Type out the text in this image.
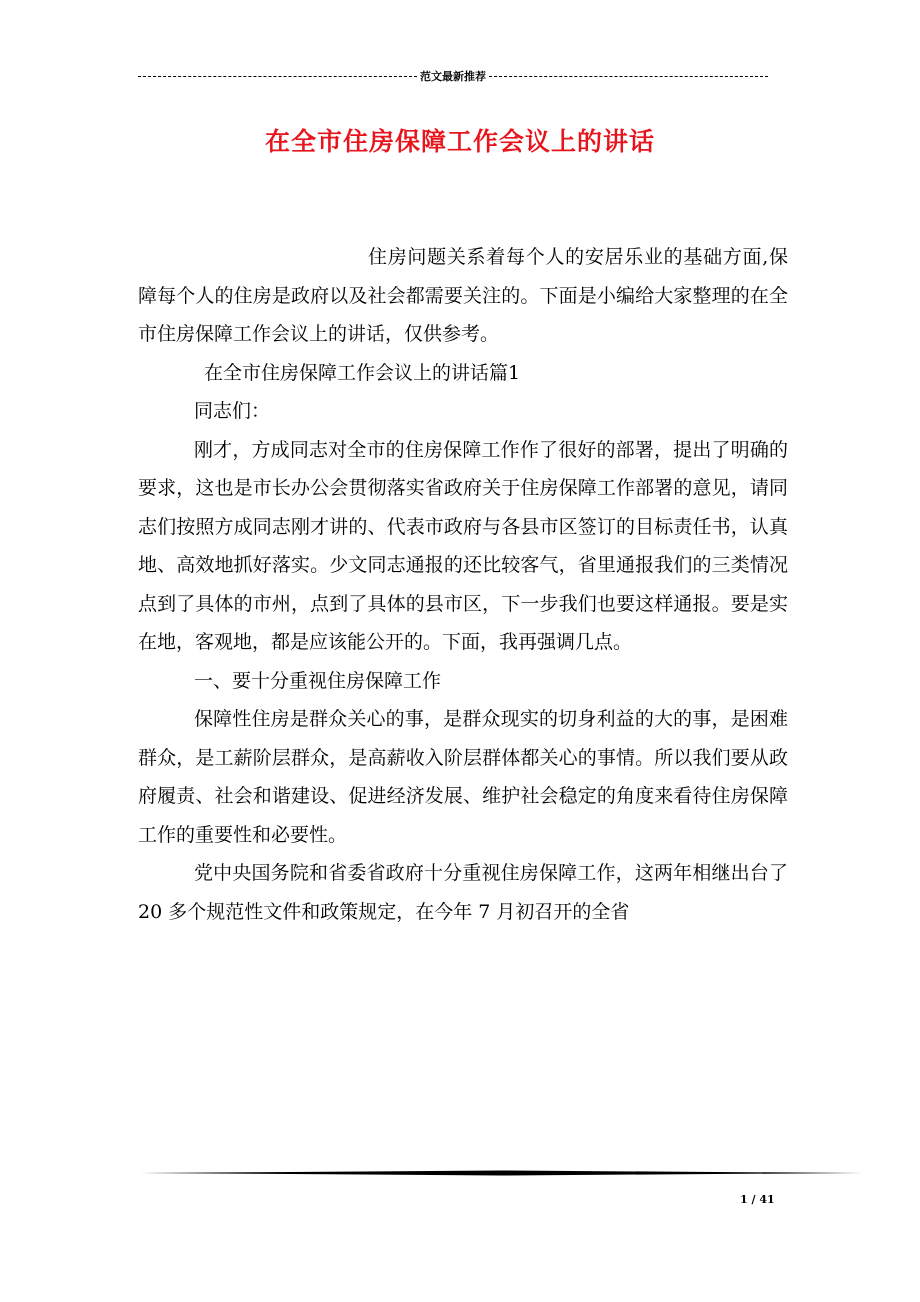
范文最新推荐
在全市住房保障工作会议上的讲话

住房问题关系着每个人的安居乐业的基础方面,保障每个人的住房是政府以及社会都需要关注的。下面是小编给大家整理的在全市住房保障工作会议上的讲话，仅供参考。

在全市住房保障工作会议上的讲话篇1

同志们：

刚才，方成同志对全市的住房保障工作作了很好的部署，提出了明确的要求，这也是市长办公会贯彻落实省政府关于住房保障工作部署的意见，请同志们按照方成同志刚才讲的、代表市政府与各县市区签订的目标责任书，认真地、高效地抓好落实。少文同志通报的还比较客气，省里通报我们的三类情况点到了具体的市州，点到了具体的县市区，下一步我们也要这样通报。要是实在地，客观地，都是应该能公开的。下面，我再强调几点。

一、要十分重视住房保障工作

保障性住房是群众关心的事，是群众现实的切身利益的大的事，是困难群众，是工薪阶层群众，是高薪收入阶层群体都关心的事情。所以我们要从政府履责、社会和谐建设、促进经济发展、维护社会稳定的角度来看待住房保障工作的重要性和必要性。

党中央国务院和省委省政府十分重视住房保障工作，这两年相继出台了 20 多个规范性文件和政策规定，在今年 7 月初召开的全省

1 / 41
